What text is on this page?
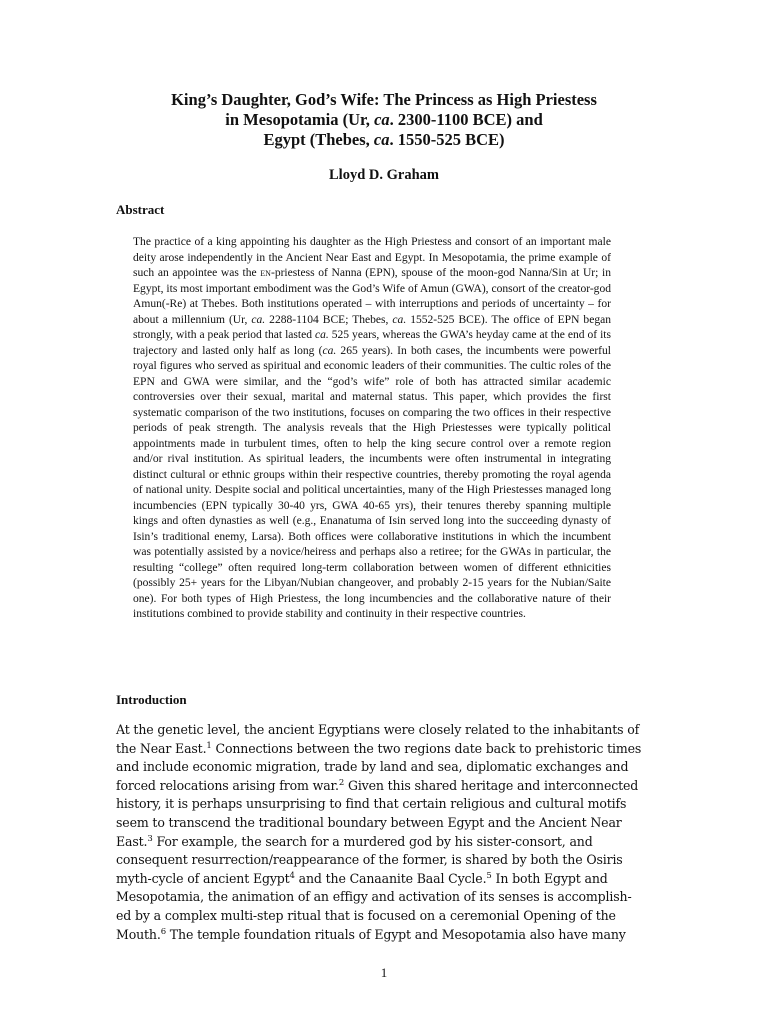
King’s Daughter, God’s Wife: The Princess as High Priestess
in Mesopotamia (Ur, ca. 2300-1100 BCE) and
Egypt (Thebes, ca. 1550-525 BCE)
Lloyd D. Graham
Abstract
The practice of a king appointing his daughter as the High Priestess and consort of an important male deity arose independently in the Ancient Near East and Egypt. In Mesopotamia, the prime example of such an appointee was the en-priestess of Nanna (EPN), spouse of the moon-god Nanna/Sin at Ur; in Egypt, its most important embodiment was the God’s Wife of Amun (GWA), consort of the creator-god Amun(-Re) at Thebes. Both institutions operated – with interruptions and periods of uncertainty – for about a millennium (Ur, ca. 2288-1104 BCE; Thebes, ca. 1552-525 BCE). The office of EPN began strongly, with a peak period that lasted ca. 525 years, whereas the GWA’s heyday came at the end of its trajectory and lasted only half as long (ca. 265 years). In both cases, the incumbents were powerful royal figures who served as spiritual and economic leaders of their communities. The cultic roles of the EPN and GWA were similar, and the “god’s wife” role of both has attracted similar academic controversies over their sexual, marital and maternal status. This paper, which provides the first systematic comparison of the two institutions, focuses on comparing the two offices in their respective periods of peak strength. The analysis reveals that the High Priestesses were typically political appointments made in turbulent times, often to help the king secure control over a remote region and/or rival institution. As spiritual leaders, the incumbents were often instrumental in integrating distinct cultural or ethnic groups within their respective countries, thereby promoting the royal agenda of national unity. Despite social and political uncertainties, many of the High Priestesses managed long incumbencies (EPN typically 30-40 yrs, GWA 40-65 yrs), their tenures thereby spanning multiple kings and often dynasties as well (e.g., Enanatuma of Isin served long into the succeeding dynasty of Isin’s traditional enemy, Larsa). Both offices were collaborative institutions in which the incumbent was potentially assisted by a novice/heiress and perhaps also a retiree; for the GWAs in particular, the resulting “college” often required long-term collaboration between women of different ethnicities (possibly 25+ years for the Libyan/Nubian changeover, and probably 2-15 years for the Nubian/Saite one). For both types of High Priestess, the long incumbencies and the collaborative nature of their institutions combined to provide stability and continuity in their respective countries.
Introduction
At the genetic level, the ancient Egyptians were closely related to the inhabitants of
the Near East.$^1$ Connections between the two regions date back to prehistoric times
and include economic migration, trade by land and sea, diplomatic exchanges and
forced relocations arising from war.$^2$ Given this shared heritage and interconnected
history, it is perhaps unsurprising to find that certain religious and cultural motifs
seem to transcend the traditional boundary between Egypt and the Ancient Near
East.$^3$ For example, the search for a murdered god by his sister-consort, and
consequent resurrection/reappearance of the former, is shared by both the Osiris
myth-cycle of ancient Egypt$^4$ and the Canaanite Baal Cycle.$^5$ In both Egypt and
Mesopotamia, the animation of an effigy and activation of its senses is accomplish-
ed by a complex multi-step ritual that is focused on a ceremonial Opening of the
Mouth.$^6$ The temple foundation rituals of Egypt and Mesopotamia also have many
1
